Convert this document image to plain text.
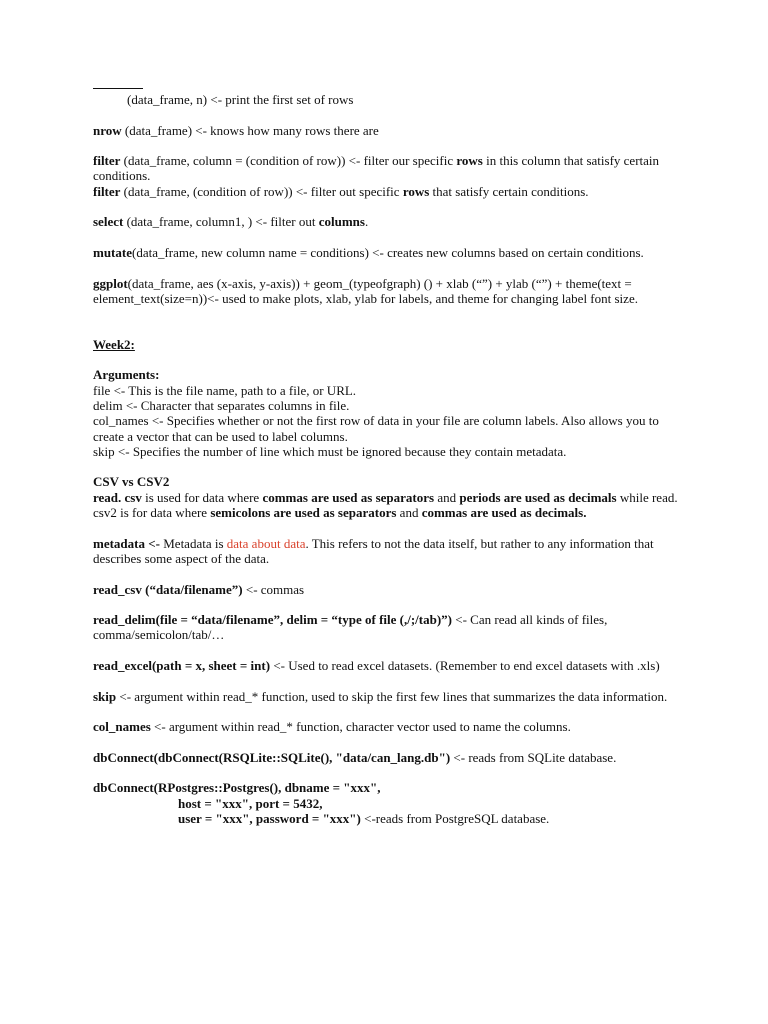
(data_frame, n) <- print the first set of rows

nrow (data_frame) <- knows how many rows there are

filter (data_frame, column = (condition of row)) <- filter our specific rows in this column that satisfy certain conditions.

filter (data_frame, (condition of row)) <- filter out specific rows that satisfy certain conditions.

select (data_frame, column1, ) <- filter out columns.

mutate(data_frame, new column name = conditions) <- creates new columns based on certain conditions.

ggplot(data_frame, aes (x-axis, y-axis)) + geom_(typeofgraph) () + xlab (“”) + ylab (“”) + theme(text = element_text(size=n))<- used to make plots, xlab, ylab for labels, and theme for changing label font size.

Week2:

Arguments:

file <- This is the file name, path to a file, or URL.

delim <- Character that separates columns in file.

col_names <- Specifies whether or not the first row of data in your file are column labels. Also allows you to create a vector that can be used to label columns.

skip <- Specifies the number of line which must be ignored because they contain metadata.

CSV vs CSV2

read. csv is used for data where commas are used as separators and periods are used as decimals while read. csv2 is for data where semicolons are used as separators and commas are used as decimals.

metadata <- Metadata is data about data. This refers to not the data itself, but rather to any information that describes some aspect of the data.

read_csv (“data/filename”) <- commas

read_delim(file = “data/filename”, delim = “type of file (,/;/tab)”) <- Can read all kinds of files, comma/semicolon/tab/…

read_excel(path = x, sheet = int) <- Used to read excel datasets. (Remember to end excel datasets with .xls)

skip <- argument within read_* function, used to skip the first few lines that summarizes the data information.

col_names <- argument within read_* function, character vector used to name the columns.

dbConnect(dbConnect(RSQLite::SQLite(), "data/can_lang.db") <- reads from SQLite database.

dbConnect(RPostgres::Postgres(), dbname = "xxx",

host = "xxx", port = 5432,

user = "xxx", password = "xxx") <-reads from PostgreSQL database.
